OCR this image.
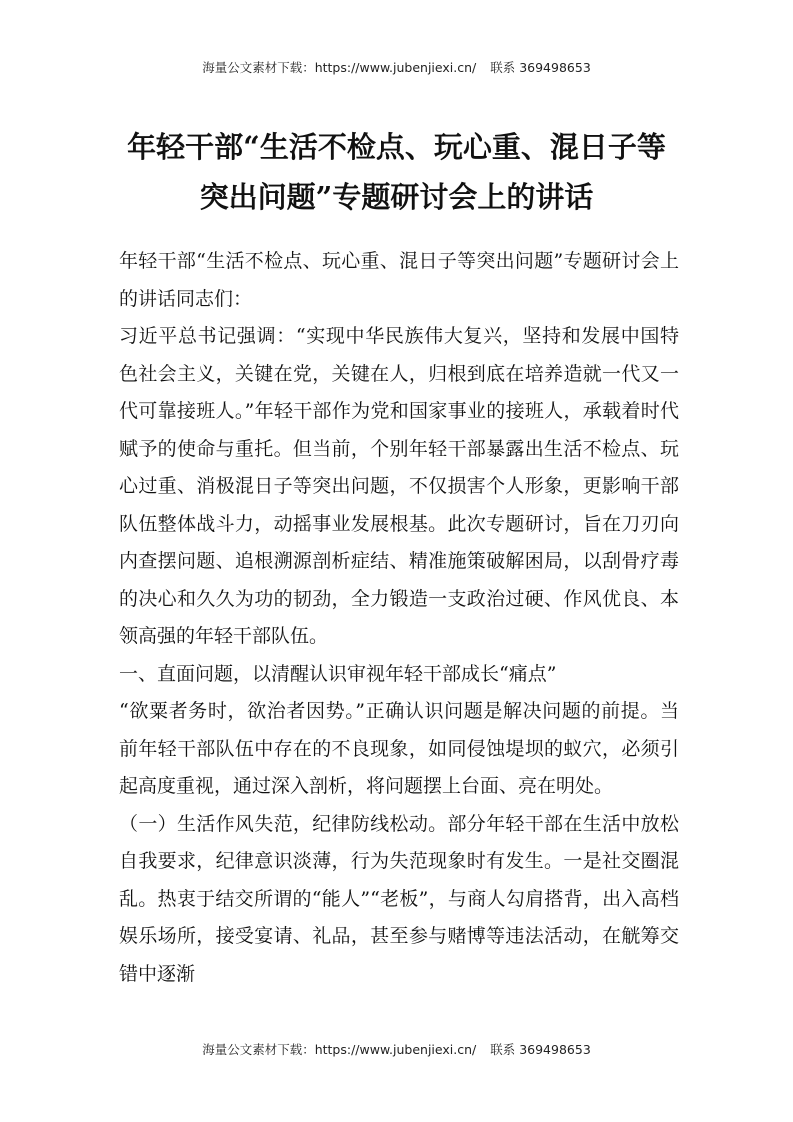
海量公文素材下载：https://www.jubenjiexi.cn/ 联系 369498653
年轻干部“生活不检点、玩心重、混日子等
突出问题”专题研讨会上的讲话

年轻干部“生活不检点、玩心重、混日子等突出问题”专题研讨会上的讲话同志们：

习近平总书记强调：“实现中华民族伟大复兴，坚持和发展中国特色社会主义，关键在党，关键在人，归根到底在培养造就一代又一代可靠接班人。”年轻干部作为党和国家事业的接班人，承载着时代赋予的使命与重托。但当前，个别年轻干部暴露出生活不检点、玩心过重、消极混日子等突出问题，不仅损害个人形象，更影响干部队伍整体战斗力，动摇事业发展根基。此次专题研讨，旨在刀刃向内查摆问题、追根溯源剖析症结、精准施策破解困局，以刮骨疗毒的决心和久久为功的韧劲，全力锻造一支政治过硬、作风优良、本领高强的年轻干部队伍。

一、直面问题，以清醒认识审视年轻干部成长“痛点”

“欲粟者务时，欲治者因势。”正确认识问题是解决问题的前提。当前年轻干部队伍中存在的不良现象，如同侵蚀堤坝的蚁穴，必须引起高度重视，通过深入剖析，将问题摆上台面、亮在明处。

（一）生活作风失范，纪律防线松动。部分年轻干部在生活中放松自我要求，纪律意识淡薄，行为失范现象时有发生。一是社交圈混乱。热衷于结交所谓的“能人”“老板”，与商人勾肩搭背，出入高档娱乐场所，接受宴请、礼品，甚至参与赌博等违法活动，在觥筹交错中逐渐

海量公文素材下载：https://www.jubenjiexi.cn/ 联系 369498653
